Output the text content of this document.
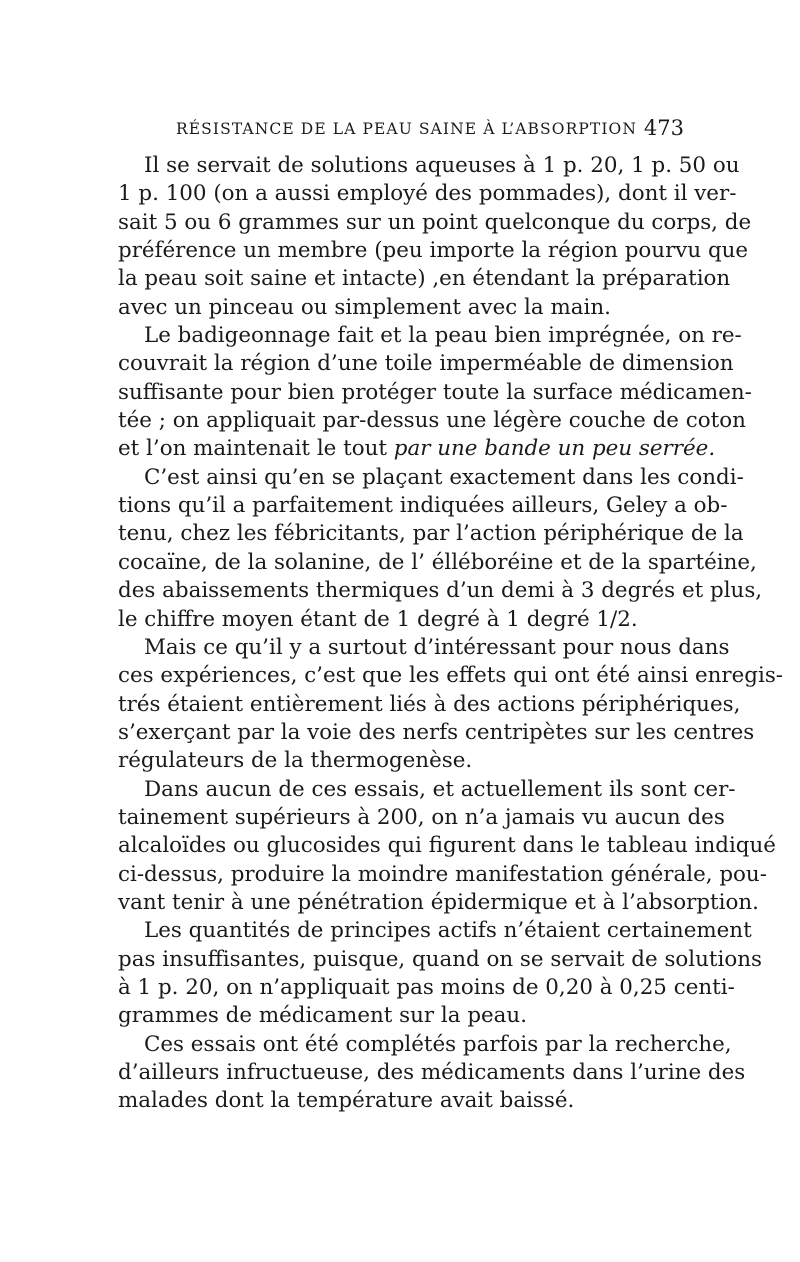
RÉSISTANCE DE LA PEAU SAINE À L’ABSORPTION 473

Il se servait de solutions aqueuses à 1 p. 20, 1 p. 50 ou
1 p. 100 (on a aussi employé des pommades), dont il ver-
sait 5 ou 6 grammes sur un point quelconque du corps, de
préférence un membre (peu importe la région pourvu que
la peau soit saine et intacte) ,en étendant la préparation
avec un pinceau ou simplement avec la main.

Le badigeonnage fait et la peau bien imprégnée, on re-
couvrait la région d’une toile imperméable de dimension
suffisante pour bien protéger toute la surface médicamen-
tée ; on appliquait par-dessus une légère couche de coton
et l’on maintenait le tout par une bande un peu serrée.

C’est ainsi qu’en se plaçant exactement dans les condi-
tions qu’il a parfaitement indiquées ailleurs, Geley a ob-
tenu, chez les fébricitants, par l’action périphérique de la
cocaïne, de la solanine, de l’ élléboréine et de la spartéine,
des abaissements thermiques d’un demi à 3 degrés et plus,
le chiffre moyen étant de 1 degré à 1 degré 1/2.

Mais ce qu’il y a surtout d’intéressant pour nous dans
ces expériences, c’est que les effets qui ont été ainsi enregis-
trés étaient entièrement liés à des actions périphériques,
s’exerçant par la voie des nerfs centripètes sur les centres
régulateurs de la thermogenèse.

Dans aucun de ces essais, et actuellement ils sont cer-
tainement supérieurs à 200, on n’a jamais vu aucun des
alcaloïdes ou glucosides qui figurent dans le tableau indiqué
ci-dessus, produire la moindre manifestation générale, pou-
vant tenir à une pénétration épidermique et à l’absorption.

Les quantités de principes actifs n’étaient certainement
pas insuffisantes, puisque, quand on se servait de solutions
à 1 p. 20, on n’appliquait pas moins de 0,20 à 0,25 centi-
grammes de médicament sur la peau.

Ces essais ont été complétés parfois par la recherche,
d’ailleurs infructueuse, des médicaments dans l’urine des
malades dont la température avait baissé.
